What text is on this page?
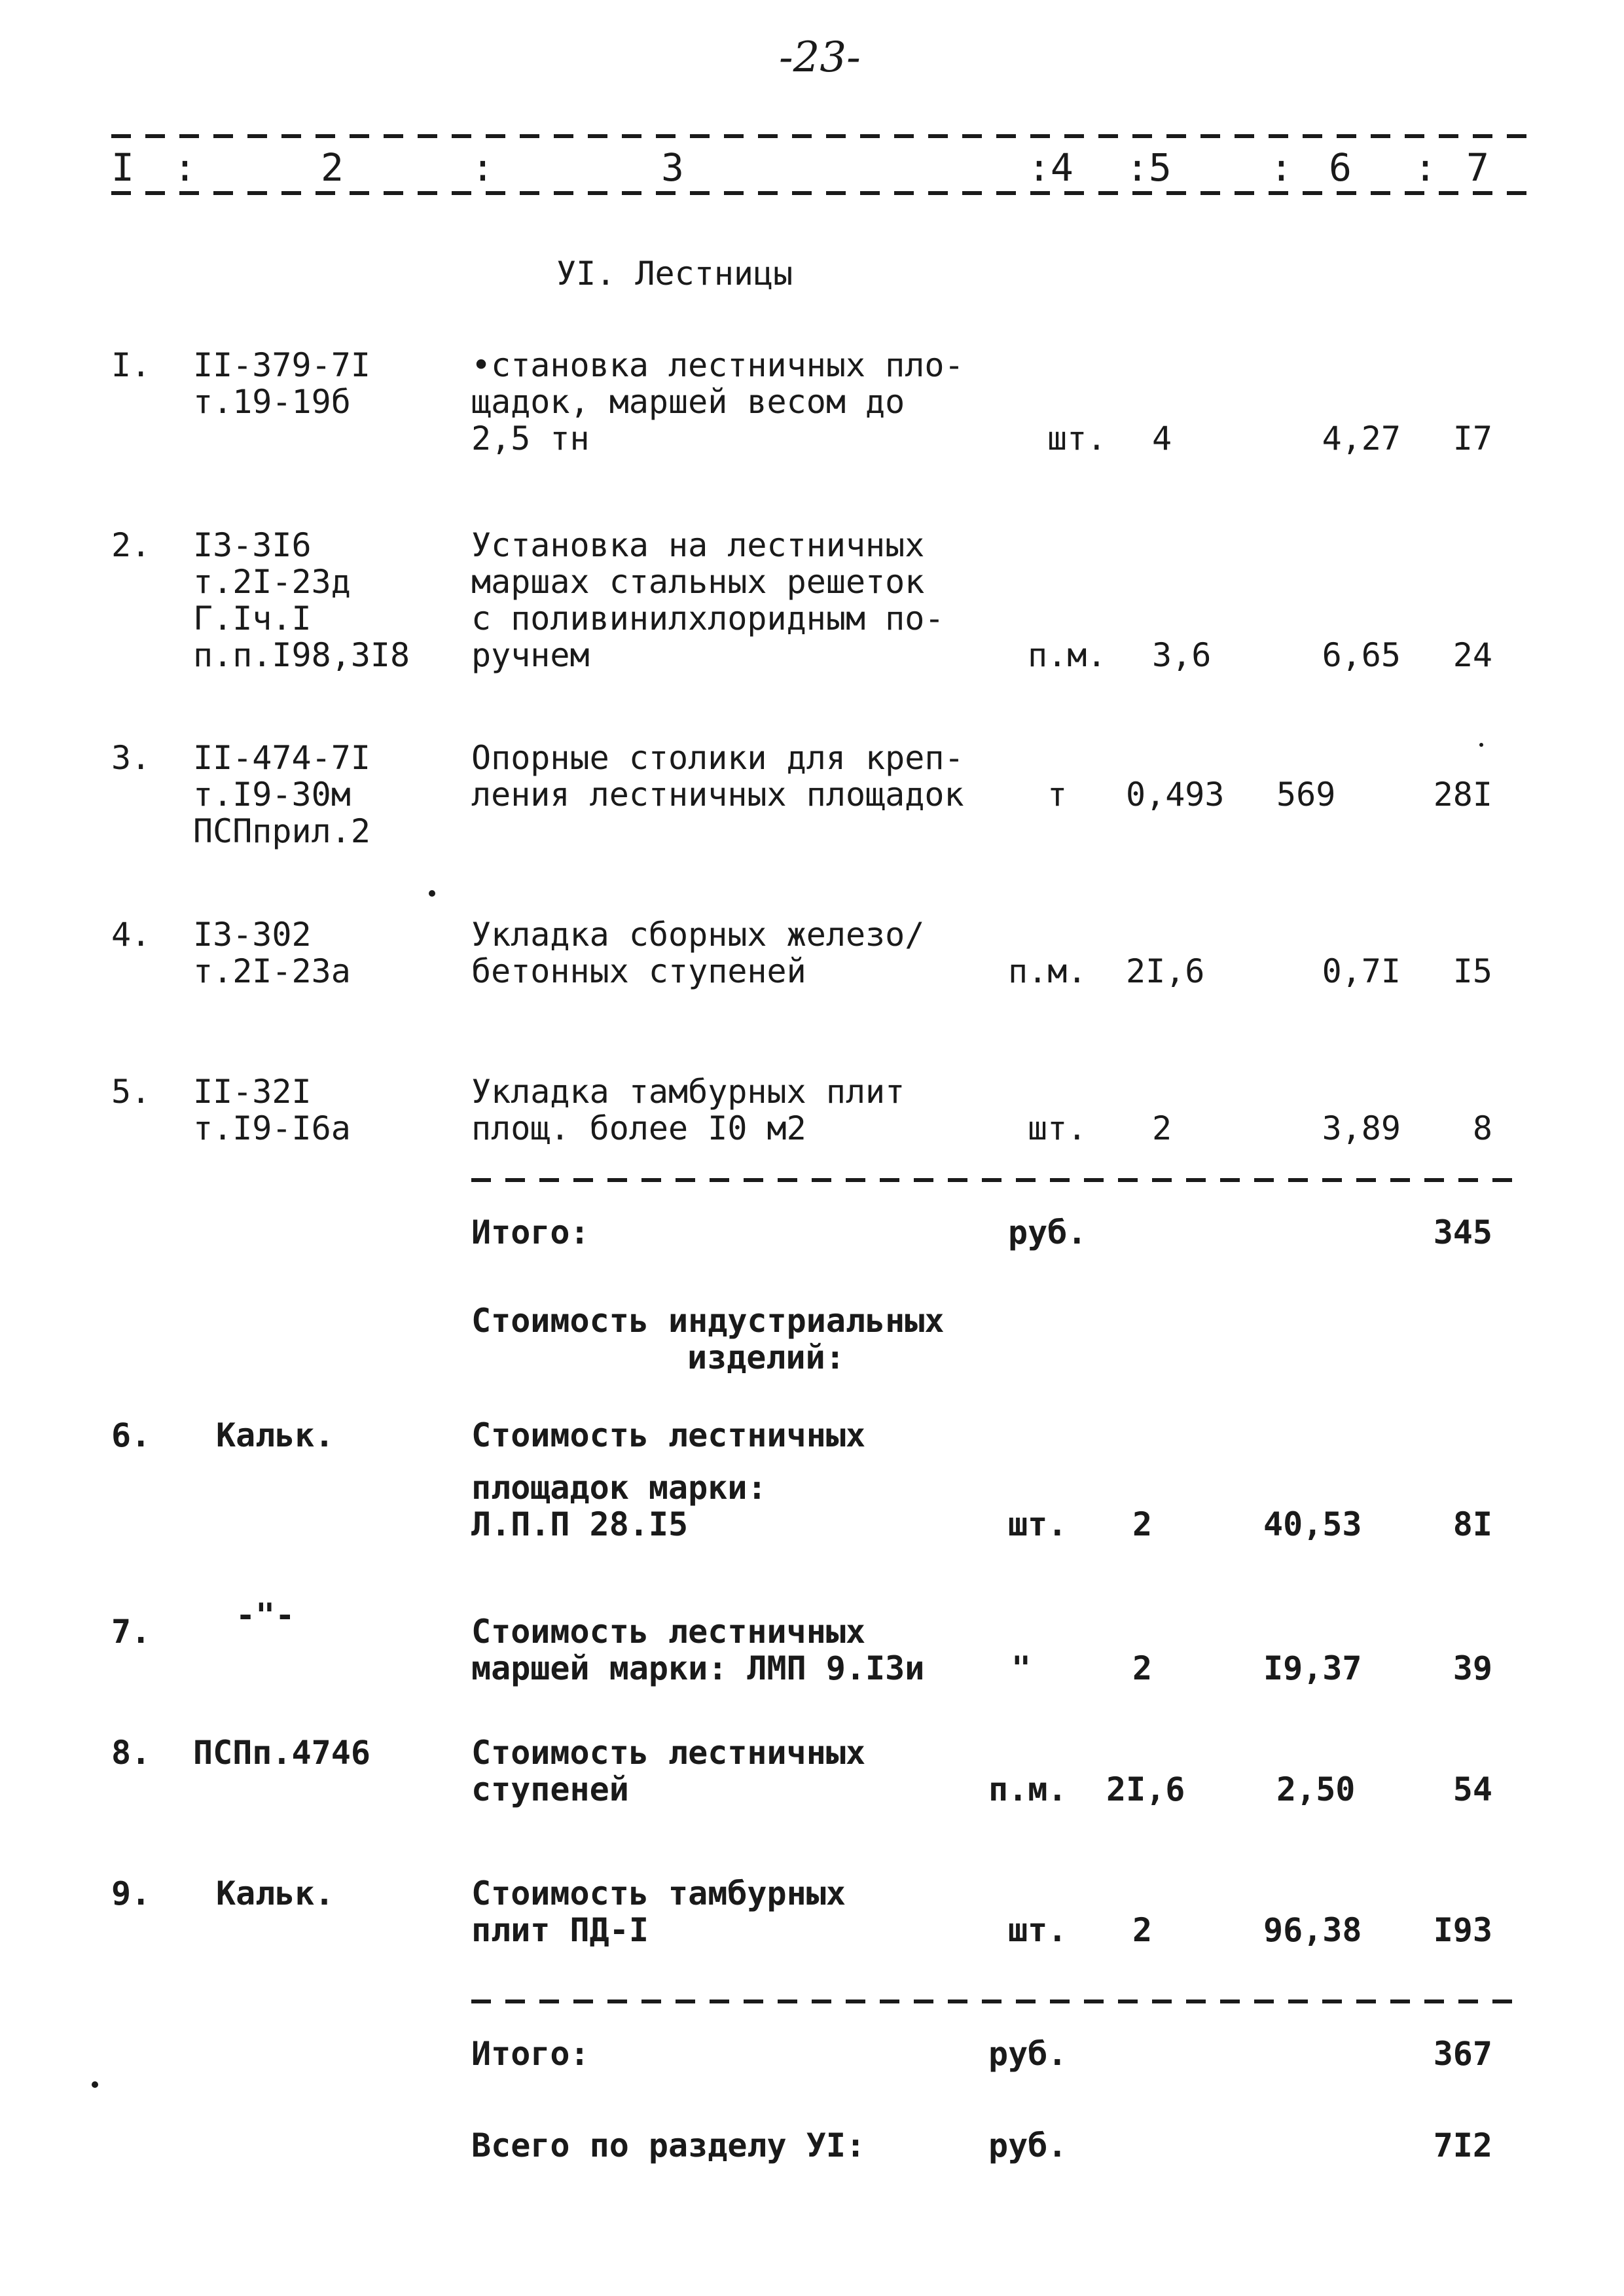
-23-
I :	2	:	3	:4 :5	: 6 : 7
УI. Лестницы
I. II-379-7I
т.19-19б
•становка лестничных пло-
щадок, маршей весом до
2,5 тн	шт. 4	4,27	I7
2. I3-3I6
т.2I-23д
Г.Iч.I
п.п.I98,3I8
Установка на лестничных
маршах стальных решеток
с поливинилхлоридным по-
ручнем	п.м. 3,6	6,65	24
3. II-474-7I
т.I9-30м
ПСПприл.2
Опорные столики для креп-
ления лестничных площадок	т 0,493 569	28I
4. I3-302
т.2I-23а
Укладка сборных железо/
бетонных ступеней	п.м. 2I,6	0,7I	I5
5. II-32I
т.I9-I6а
Укладка тамбурных плит
площ. более I0 м2	шт. 2	3,89	8
Итого:	руб.	345
Стоимость индустриальных
изделий:
6. Кальк.	Стоимость лестничных
площадок марки:
Л.П.П 28.I5	шт. 2	40,53	8I
7.	-"-	Стоимость лестничных
маршей марки: ЛМП 9.I3и	"	2	I9,37	39
8. ПСПп.4746	Стоимость лестничных
ступеней	п.м. 2I,6	2,50	54
9. Кальк.	Стоимость тамбурных
плит ПД-I	шт. 2	96,38	I93
Итого:	руб.	367
Всего по разделу УI:	руб.	7I2
